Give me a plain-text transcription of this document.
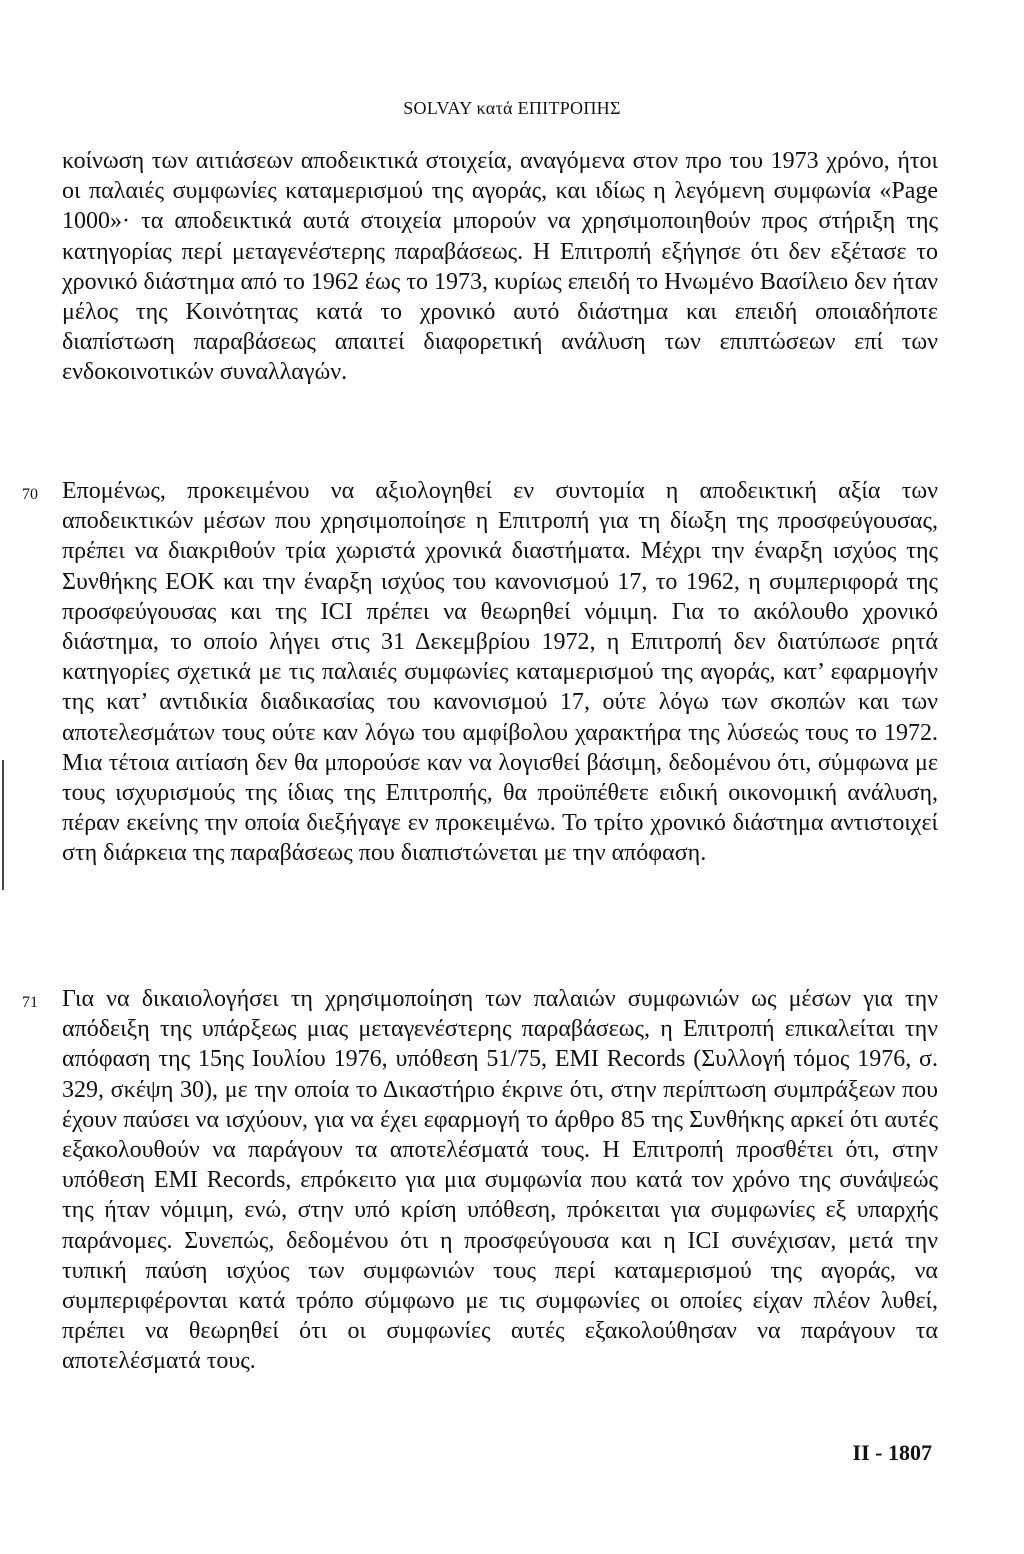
SOLVAY κατά ΕΠΙΤΡΟΠΗΣ

κοίνωση των αιτιάσεων αποδεικτικά στοιχεία, αναγόμενα στον προ του 1973 χρόνο, ήτοι οι παλαιές συμφωνίες καταμερισμού της αγοράς, και ιδίως η λεγόμενη συμφωνία «Page 1000»· τα αποδεικτικά αυτά στοιχεία μπορούν να χρησιμοποιηθούν προς στήριξη της κατηγορίας περί μεταγενέστερης παραβάσεως. Η Επιτροπή εξήγησε ότι δεν εξέτασε το χρονικό διάστημα από το 1962 έως το 1973, κυρίως επειδή το Ηνωμένο Βασίλειο δεν ήταν μέλος της Κοινότητας κατά το χρονικό αυτό διάστημα και επειδή οποιαδήποτε διαπίστωση παραβάσεως απαιτεί διαφορετική ανάλυση των επιπτώσεων επί των ενδοκοινοτικών συναλλαγών.

70 Επομένως, προκειμένου να αξιολογηθεί εν συντομία η αποδεικτική αξία των αποδεικτικών μέσων που χρησιμοποίησε η Επιτροπή για τη δίωξη της προσφεύγουσας, πρέπει να διακριθούν τρία χωριστά χρονικά διαστήματα. Μέχρι την έναρξη ισχύος της Συνθήκης ΕΟΚ και την έναρξη ισχύος του κανονισμού 17, το 1962, η συμπεριφορά της προσφεύγουσας και της ICI πρέπει να θεωρηθεί νόμιμη. Για το ακόλουθο χρονικό διάστημα, το οποίο λήγει στις 31 Δεκεμβρίου 1972, η Επιτροπή δεν διατύπωσε ρητά κατηγορίες σχετικά με τις παλαιές συμφωνίες καταμερισμού της αγοράς, κατ’ εφαρμογήν της κατ’ αντιδικία διαδικασίας του κανονισμού 17, ούτε λόγω των σκοπών και των αποτελεσμάτων τους ούτε καν λόγω του αμφίβολου χαρακτήρα της λύσεώς τους το 1972. Μια τέτοια αιτίαση δεν θα μπορούσε καν να λογισθεί βάσιμη, δεδομένου ότι, σύμφωνα με τους ισχυρισμούς της ίδιας της Επιτροπής, θα προϋπέθετε ειδική οικονομική ανάλυση, πέραν εκείνης την οποία διεξήγαγε εν προκειμένω. Το τρίτο χρονικό διάστημα αντιστοιχεί στη διάρκεια της παραβάσεως που διαπιστώνεται με την απόφαση.

71 Για να δικαιολογήσει τη χρησιμοποίηση των παλαιών συμφωνιών ως μέσων για την απόδειξη της υπάρξεως μιας μεταγενέστερης παραβάσεως, η Επιτροπή επικαλείται την απόφαση της 15ης Ιουλίου 1976, υπόθεση 51/75, EMI Records (Συλλογή τόμος 1976, σ. 329, σκέψη 30), με την οποία το Δικαστήριο έκρινε ότι, στην περίπτωση συμπράξεων που έχουν παύσει να ισχύουν, για να έχει εφαρμογή το άρθρο 85 της Συνθήκης αρκεί ότι αυτές εξακολουθούν να παράγουν τα αποτελέσματά τους. Η Επιτροπή προσθέτει ότι, στην υπόθεση EMI Records, επρόκειτο για μια συμφωνία που κατά τον χρόνο της συνάψεώς της ήταν νόμιμη, ενώ, στην υπό κρίση υπόθεση, πρόκειται για συμφωνίες εξ υπαρχής παράνομες. Συνεπώς, δεδομένου ότι η προσφεύγουσα και η ICI συνέχισαν, μετά την τυπική παύση ισχύος των συμφωνιών τους περί καταμερισμού της αγοράς, να συμπεριφέρονται κατά τρόπο σύμφωνο με τις συμφωνίες οι οποίες είχαν πλέον λυθεί, πρέπει να θεωρηθεί ότι οι συμφωνίες αυτές εξακολούθησαν να παράγουν τα αποτελέσματά τους.

II - 1807
